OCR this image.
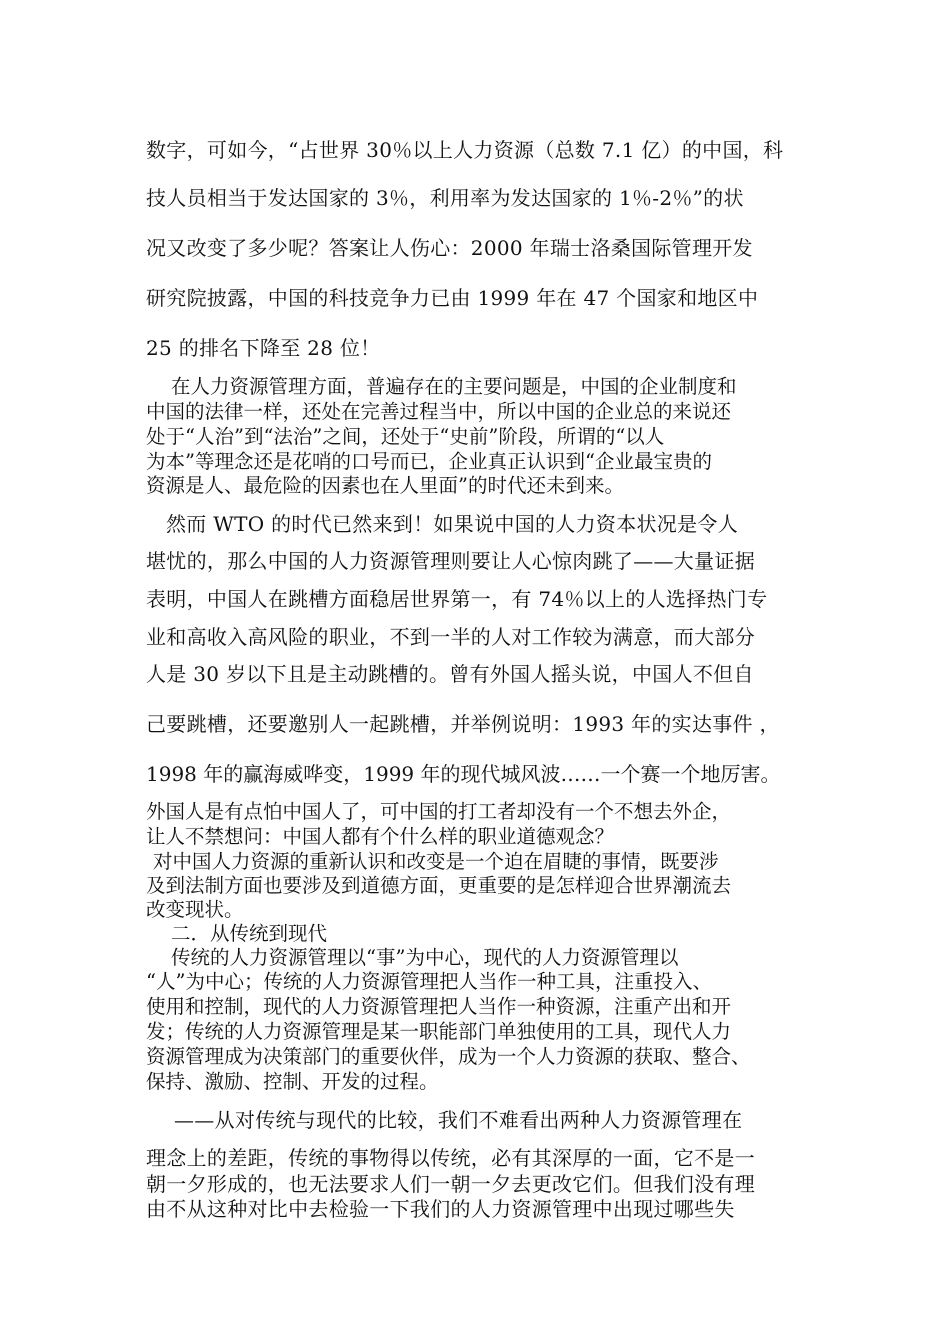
数字，可如今，“占世界 30％以上人力资源（总数 7.1 亿）的中国，科
技人员相当于发达国家的 3％，利用率为发达国家的 1％-2％”的状
况又改变了多少呢？答案让人伤心：2000 年瑞士洛桑国际管理开发
研究院披露，中国的科技竞争力已由 1999 年在 47 个国家和地区中
25 的排名下降至 28 位！
在人力资源管理方面，普遍存在的主要问题是，中国的企业制度和
中国的法律一样，还处在完善过程当中，所以中国的企业总的来说还
处于“人治”到“法治”之间，还处于“史前”阶段，所谓的“以人
为本”等理念还是花哨的口号而已，企业真正认识到“企业最宝贵的
资源是人、最危险的因素也在人里面”的时代还未到来。
然而 WTO 的时代已然来到！如果说中国的人力资本状况是令人
堪忧的，那么中国的人力资源管理则要让人心惊肉跳了——大量证据
表明，中国人在跳槽方面稳居世界第一，有 74％以上的人选择热门专
业和高收入高风险的职业，不到一半的人对工作较为满意，而大部分
人是 30 岁以下且是主动跳槽的。曾有外国人摇头说，中国人不但自
己要跳槽，还要邀别人一起跳槽，并举例说明：1993 年的实达事件 ，
1998 年的赢海威哗变，1999 年的现代城风波……一个赛一个地厉害。
外国人是有点怕中国人了，可中国的打工者却没有一个不想去外企，
让人不禁想问：中国人都有个什么样的职业道德观念？
对中国人力资源的重新认识和改变是一个迫在眉睫的事情，既要涉
及到法制方面也要涉及到道德方面，更重要的是怎样迎合世界潮流去
改变现状。
二．从传统到现代
传统的人力资源管理以“事”为中心，现代的人力资源管理以
“人”为中心；传统的人力资源管理把人当作一种工具，注重投入、
使用和控制，现代的人力资源管理把人当作一种资源，注重产出和开
发；传统的人力资源管理是某一职能部门单独使用的工具，现代人力
资源管理成为决策部门的重要伙伴，成为一个人力资源的获取、整合、
保持、激励、控制、开发的过程。
——从对传统与现代的比较，我们不难看出两种人力资源管理在
理念上的差距，传统的事物得以传统，必有其深厚的一面，它不是一
朝一夕形成的，也无法要求人们一朝一夕去更改它们。但我们没有理
由不从这种对比中去检验一下我们的人力资源管理中出现过哪些失
